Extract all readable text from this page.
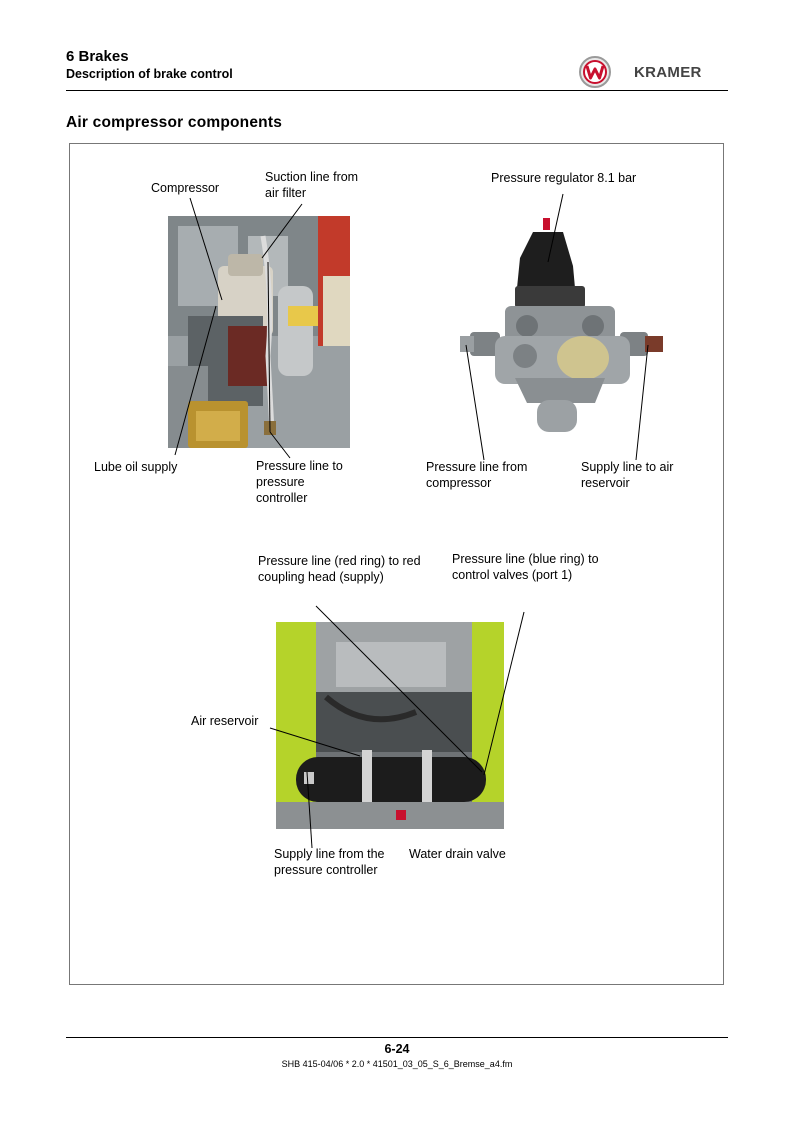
6 Brakes
Description of brake control	KRAMER
Air compressor components
Compressor
Suction line from
air filter
Lube oil supply	Pressure line to
pressure
controller
Pressure regulator 8.1 bar
Pressure line from
compressor
Supply line to air
reservoir
Pressure line (red ring) to red
coupling head (supply)
Pressure line (blue ring) to
control valves (port 1)
Air reservoir
Supply line from the
pressure controller
Water drain valve
6-24
SHB 415-04/06 * 2.0 * 41501_03_05_S_6_Bremse_a4.fm
